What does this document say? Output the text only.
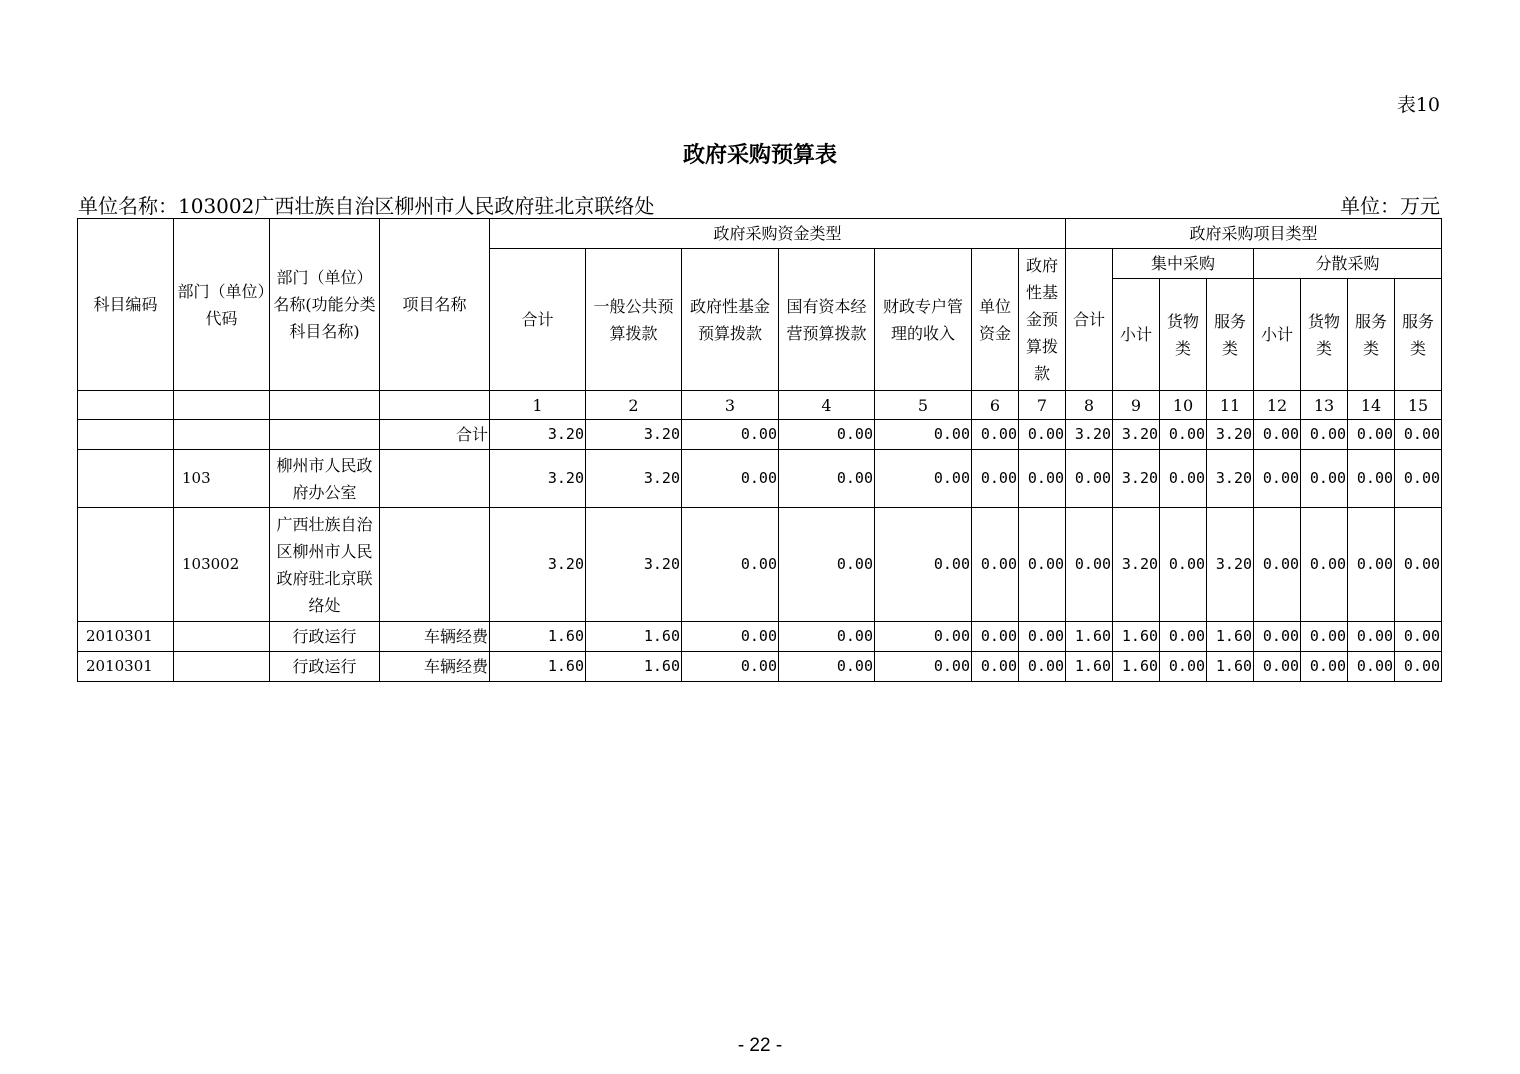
表10
政府采购预算表
单位名称：103002广西壮族自治区柳州市人民政府驻北京联络处	单位：万元
科目编码	部门（单位）代码	部门（单位）名称(功能分类科目名称)	项目名称	政府采购资金类型							政府采购项目类型							
				合计	一般公共预算拨款	政府性基金预算拨款	国有资本经营预算拨款	财政专户管理的收入	单位资金	政府性基金预算拨款	合计	集中采购			分散采购			
												小计	货物类	服务类	小计	货物类	服务类	服务类
				1	2	3	4	5	6	7	8	9	10	11	12	13	14	15
			合计	3.20	3.20	0.00	0.00	0.00	0.00	0.00	3.20	3.20	0.00	3.20	0.00	0.00	0.00	0.00
	103	柳州市人民政府办公室		3.20	3.20	0.00	0.00	0.00	0.00	0.00	0.00	3.20	0.00	3.20	0.00	0.00	0.00	0.00
	103002	广西壮族自治区柳州市人民政府驻北京联络处		3.20	3.20	0.00	0.00	0.00	0.00	0.00	0.00	3.20	0.00	3.20	0.00	0.00	0.00	0.00
2010301		行政运行	车辆经费	1.60	1.60	0.00	0.00	0.00	0.00	0.00	1.60	1.60	0.00	1.60	0.00	0.00	0.00	0.00
2010301		行政运行	车辆经费	1.60	1.60	0.00	0.00	0.00	0.00	0.00	1.60	1.60	0.00	1.60	0.00	0.00	0.00	0.00
- 22 -
